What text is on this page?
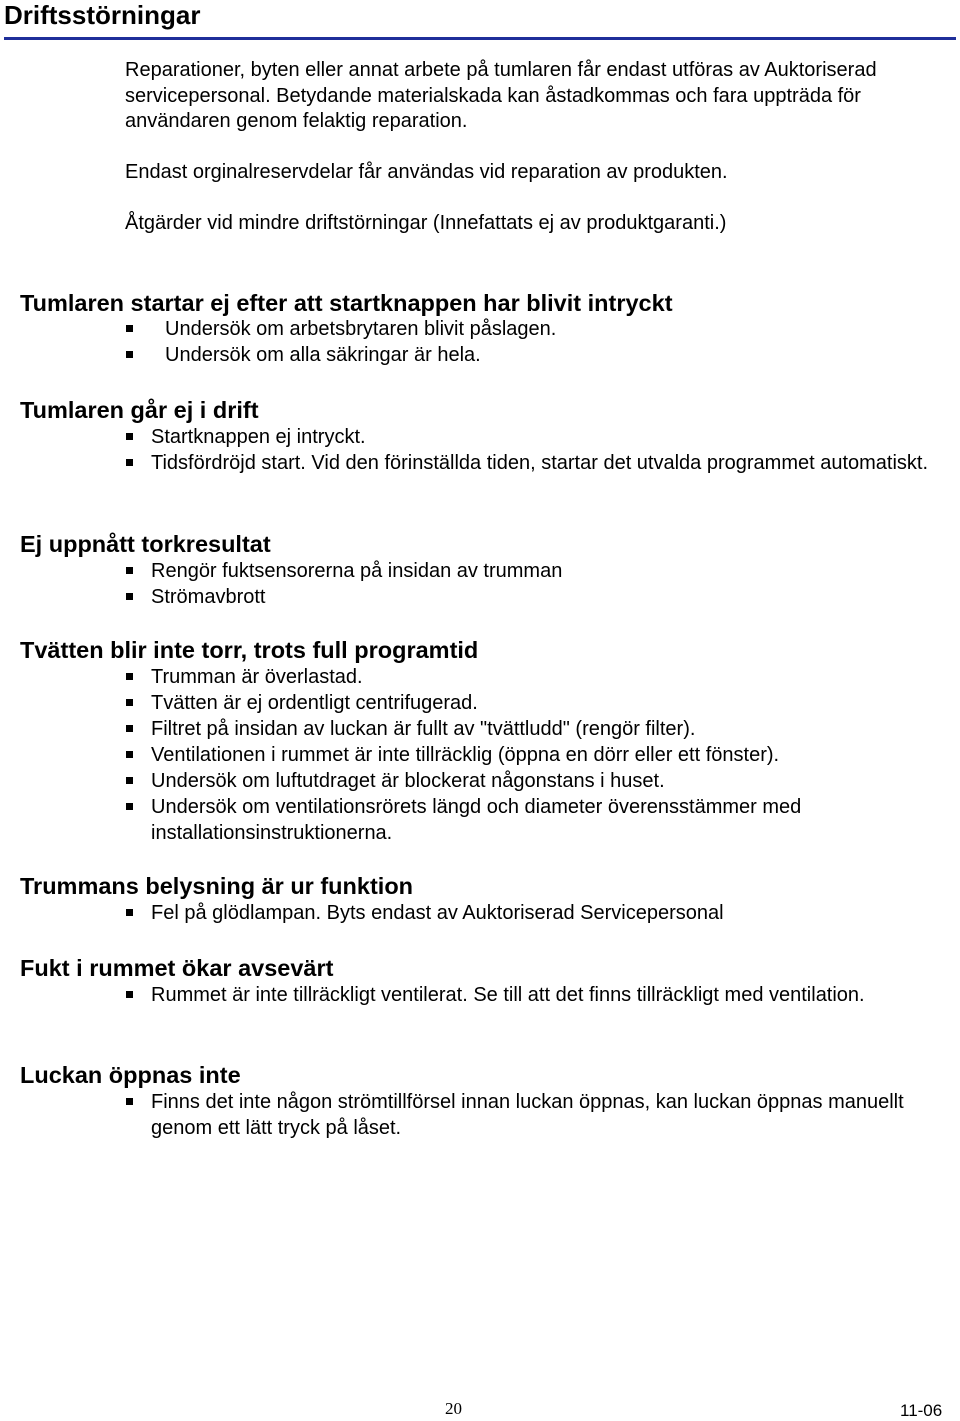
Driftsstörningar

Reparationer, byten eller annat arbete på tumlaren får endast utföras av Auktoriserad servicepersonal. Betydande materialskada kan åstadkommas och fara uppträda för användaren genom felaktig reparation.

Endast orginalreservdelar får användas vid reparation av produkten.

Åtgärder vid mindre driftstörningar (Innefattats ej av produktgaranti.)

Tumlaren startar ej efter att startknappen har blivit intryckt
Undersök om arbetsbrytaren blivit påslagen.
Undersök om alla säkringar är hela.
Tumlaren går ej i drift
Startknappen ej intryckt.
Tidsfördröjd start. Vid den förinställda tiden, startar det utvalda programmet automatiskt.
Ej uppnått torkresultat
Rengör fuktsensorerna på insidan av trumman
Strömavbrott
Tvätten blir inte torr, trots full programtid
Trumman är överlastad.
Tvätten är ej ordentligt centrifugerad.
Filtret på insidan av luckan är fullt av "tvättludd" (rengör filter).
Ventilationen i rummet är inte tillräcklig (öppna en dörr eller ett fönster).
Undersök om luftutdraget är blockerat någonstans i huset.
Undersök om ventilationsrörets längd och diameter överensstämmer med installationsinstruktionerna.
Trummans belysning är ur funktion
Fel på glödlampan. Byts endast av Auktoriserad Servicepersonal
Fukt i rummet ökar avsevärt
Rummet är inte tillräckligt ventilerat. Se till att det finns tillräckligt med ventilation.
Luckan öppnas inte
Finns det inte någon strömtillförsel innan luckan öppnas, kan luckan öppnas manuellt genom ett lätt tryck på låset.
20	11-06
